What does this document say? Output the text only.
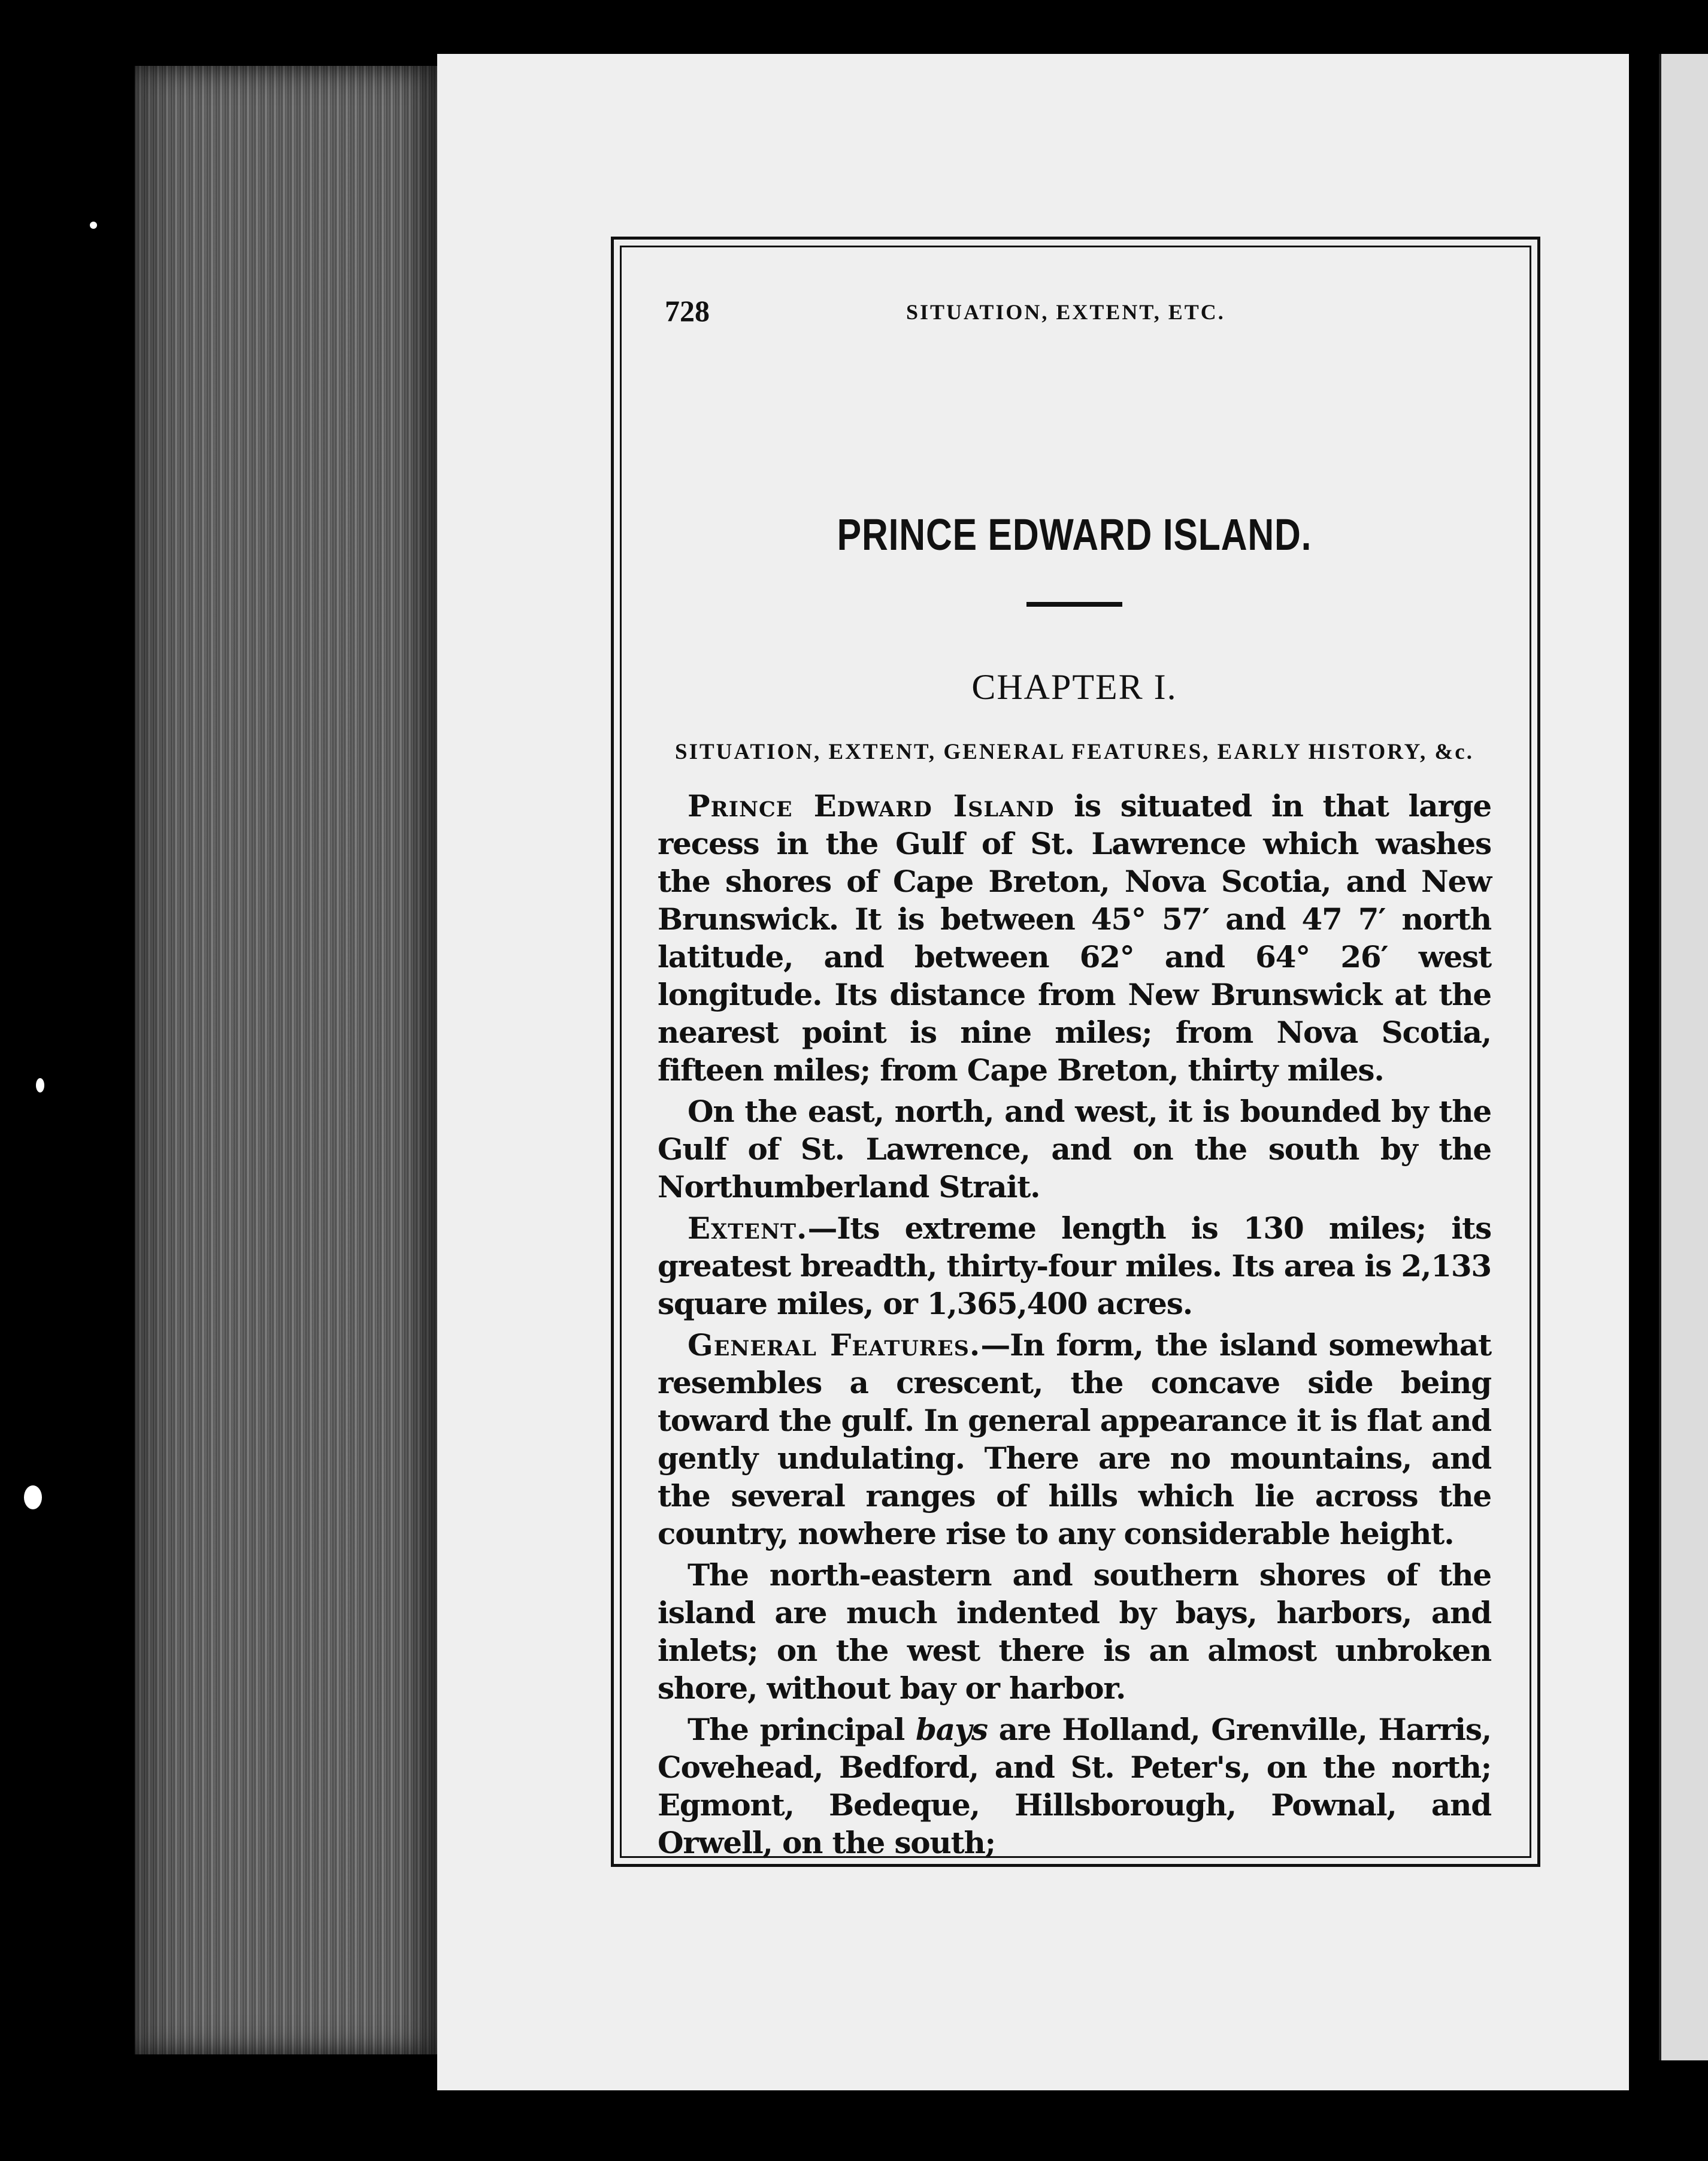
728	SITUATION, EXTENT, ETC.
PRINCE EDWARD ISLAND.
CHAPTER I.
SITUATION, EXTENT, GENERAL FEATURES, EARLY HISTORY, &c.

Prince Edward Island is situated in that large recess in the Gulf of St. Lawrence which washes the shores of Cape Breton, Nova Scotia, and New Brunswick. It is between 45° 57′ and 47 7′ north latitude, and between 62° and 64° 26′ west longitude. Its distance from New Brunswick at the nearest point is nine miles; from Nova Scotia, fifteen miles; from Cape Breton, thirty miles.

On the east, north, and west, it is bounded by the Gulf of St. Lawrence, and on the south by the Northumberland Strait.

Extent.—Its extreme length is 130 miles; its greatest breadth, thirty-four miles. Its area is 2,133 square miles, or 1,365,400 acres.

General Features.—In form, the island somewhat resembles a crescent, the concave side being toward the gulf. In general appearance it is flat and gently undulating. There are no mountains, and the several ranges of hills which lie across the country, nowhere rise to any considerable height.

The north-eastern and southern shores of the island are much indented by bays, harbors, and inlets; on the west there is an almost unbroken shore, without bay or harbor.

The principal bays are Holland, Grenville, Harris, Covehead, Bedford, and St. Peter's, on the north; Egmont, Bedeque, Hillsborough, Pownal, and Orwell, on the south;
